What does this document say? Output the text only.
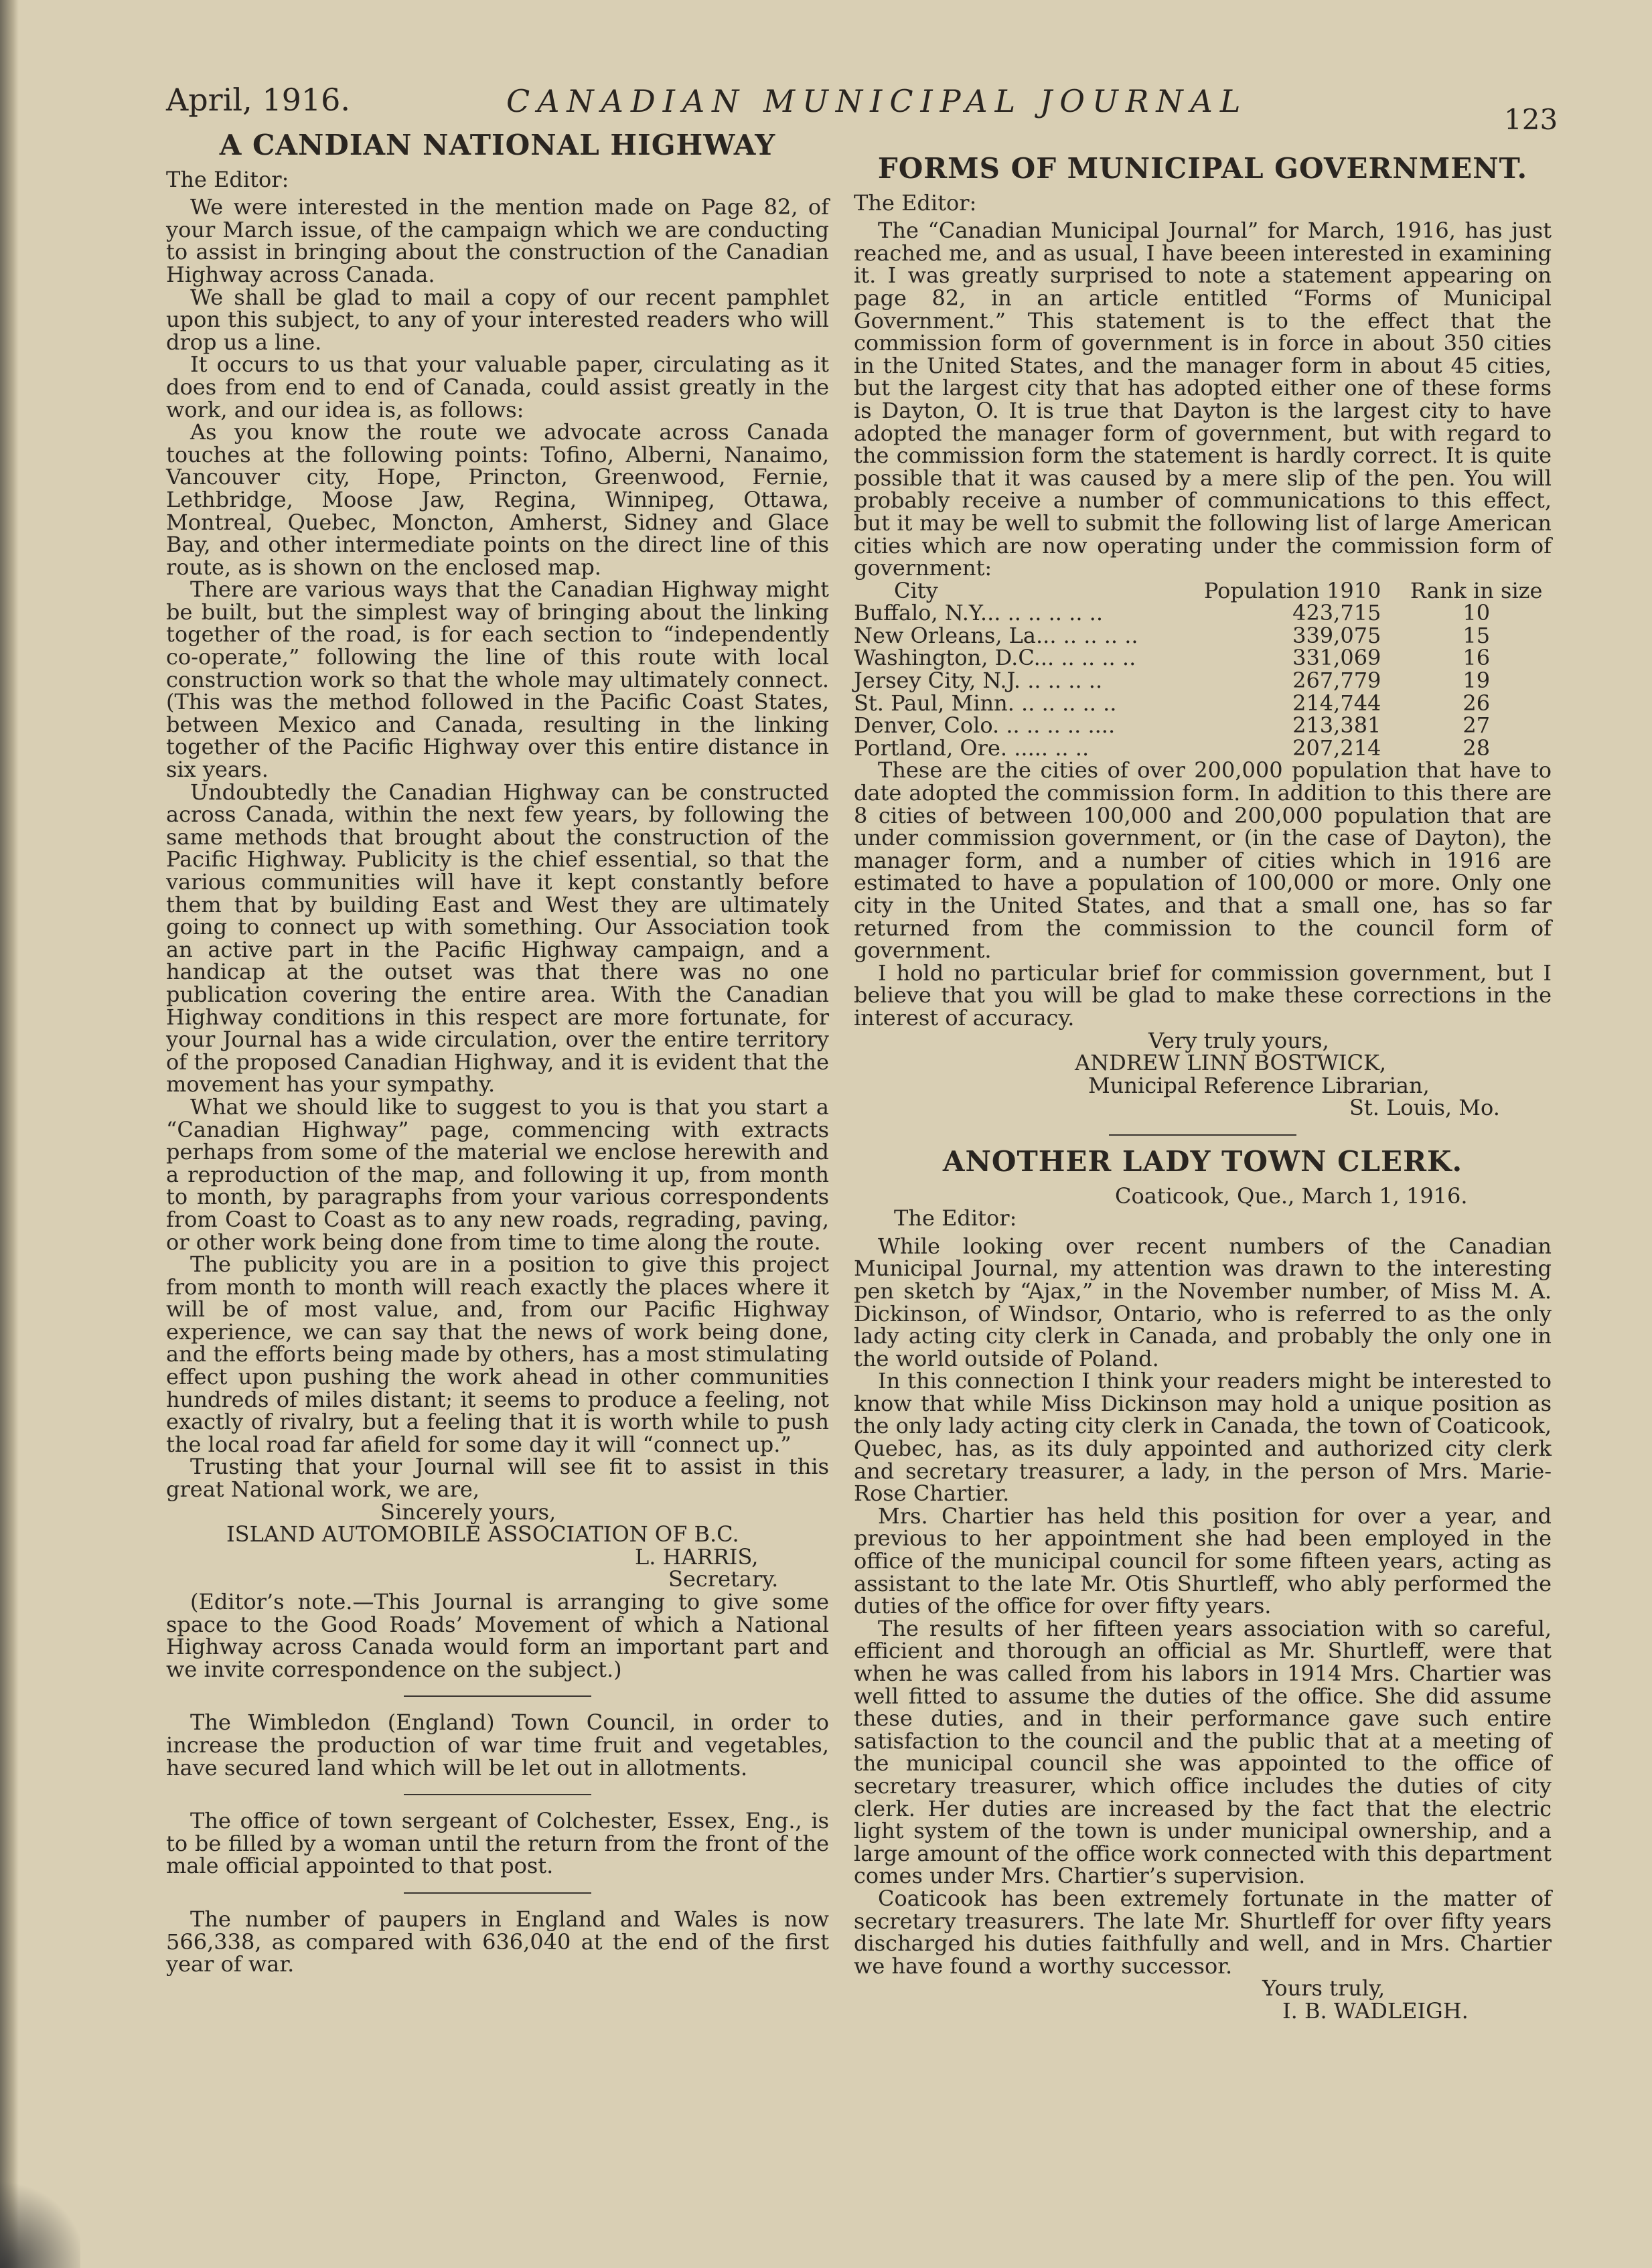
April, 1916.	CANADIAN MUNICIPAL JOURNAL
123
A CANDIAN NATIONAL HIGHWAY

The Editor:

We were interested in the mention made on Page 82, of your March issue, of the campaign which we are conducting to assist in bringing about the construction of the Canadian Highway across Canada.

We shall be glad to mail a copy of our recent pamphlet upon this subject, to any of your interested readers who will drop us a line.

It occurs to us that your valuable paper, circulating as it does from end to end of Canada, could assist greatly in the work, and our idea is, as follows:

As you know the route we advocate across Canada touches at the following points: Tofino, Alberni, Nanaimo, Vancouver city, Hope, Princton, Greenwood, Fernie, Lethbridge, Moose Jaw, Regina, Winnipeg, Ottawa, Montreal, Quebec, Moncton, Amherst, Sidney and Glace Bay, and other intermediate points on the direct line of this route, as is shown on the enclosed map.

There are various ways that the Canadian Highway might be built, but the simplest way of bringing about the linking together of the road, is for each section to “independently co-operate,” following the line of this route with local construction work so that the whole may ultimately connect. (This was the method followed in the Pacific Coast States, between Mexico and Canada, resulting in the linking together of the Pacific Highway over this entire distance in six years.

Undoubtedly the Canadian Highway can be constructed across Canada, within the next few years, by following the same methods that brought about the construction of the Pacific Highway. Publicity is the chief essential, so that the various communities will have it kept constantly before them that by building East and West they are ultimately going to connect up with something. Our Association took an active part in the Pacific Highway campaign, and a handicap at the outset was that there was no one publication covering the entire area. With the Canadian Highway conditions in this respect are more fortunate, for your Journal has a wide circulation, over the entire territory of the proposed Canadian Highway, and it is evident that the movement has your sympathy.

What we should like to suggest to you is that you start a “Canadian Highway” page, commencing with extracts perhaps from some of the material we enclose herewith and a reproduction of the map, and following it up, from month to month, by paragraphs from your various correspondents from Coast to Coast as to any new roads, regrading, paving, or other work being done from time to time along the route.

The publicity you are in a position to give this project from month to month will reach exactly the places where it will be of most value, and, from our Pacific Highway experience, we can say that the news of work being done, and the efforts being made by others, has a most stimulating effect upon pushing the work ahead in other communities hundreds of miles distant; it seems to produce a feeling, not exactly of rivalry, but a feeling that it is worth while to push the local road far afield for some day it will “connect up.”

Trusting that your Journal will see fit to assist in this great National work, we are,

Sincerely yours,

ISLAND AUTOMOBILE ASSOCIATION OF B.C.

L. HARRIS,

Secretary.

(Editor’s note.—This Journal is arranging to give some space to the Good Roads’ Movement of which a National Highway across Canada would form an important part and we invite correspondence on the subject.)

The Wimbledon (England) Town Council, in order to increase the production of war time fruit and vegetables, have secured land which will be let out in allotments.

The office of town sergeant of Colchester, Essex, Eng., is to be filled by a woman until the return from the front of the male official appointed to that post.

The number of paupers in England and Wales is now 566,338, as compared with 636,040 at the end of the first year of war.

FORMS OF MUNICIPAL GOVERNMENT.

The Editor:

The “Canadian Municipal Journal” for March, 1916, has just reached me, and as usual, I have beeen interested in examining it. I was greatly surprised to note a statement appearing on page 82, in an article entitled “Forms of Municipal Government.” This statement is to the effect that the commission form of government is in force in about 350 cities in the United States, and the manager form in about 45 cities, but the largest city that has adopted either one of these forms is Dayton, O. It is true that Dayton is the largest city to have adopted the manager form of government, but with regard to the commission form the statement is hardly correct. It is quite possible that it was caused by a mere slip of the pen. You will probably receive a number of communications to this effect, but it may be well to submit the following list of large American cities which are now operating under the commission form of government:

City	Population 1910	Rank in size
Buffalo, N.Y... .. .. .. .. ..	423,715	10
New Orleans, La... .. .. .. ..	339,075	15
Washington, D.C... .. .. .. ..	331,069	16
Jersey City, N.J. .. .. .. ..	267,779	19
St. Paul, Minn. .. .. .. .. ..	214,744	26
Denver, Colo. .. .. .. .. ....	213,381	27
Portland, Ore. ..... .. ..	207,214	28

These are the cities of over 200,000 population that have to date adopted the commission form. In addition to this there are 8 cities of between 100,000 and 200,000 population that are under commission government, or (in the case of Dayton), the manager form, and a number of cities which in 1916 are estimated to have a population of 100,000 or more. Only one city in the United States, and that a small one, has so far returned from the commission to the council form of government.

I hold no particular brief for commission government, but I believe that you will be glad to make these corrections in the interest of accuracy.

Very truly yours,

ANDREW LINN BOSTWICK,

Municipal Reference Librarian,

St. Louis, Mo.

ANOTHER LADY TOWN CLERK.

Coaticook, Que., March 1, 1916.

The Editor:

While looking over recent numbers of the Canadian Municipal Journal, my attention was drawn to the interesting pen sketch by “Ajax,” in the November number, of Miss M. A. Dickinson, of Windsor, Ontario, who is referred to as the only lady acting city clerk in Canada, and probably the only one in the world outside of Poland.

In this connection I think your readers might be interested to know that while Miss Dickinson may hold a unique position as the only lady acting city clerk in Canada, the town of Coaticook, Quebec, has, as its duly appointed and authorized city clerk and secretary treasurer, a lady, in the person of Mrs. Marie-Rose Chartier.

Mrs. Chartier has held this position for over a year, and previous to her appointment she had been employed in the office of the municipal council for some fifteen years, acting as assistant to the late Mr. Otis Shurtleff, who ably performed the duties of the office for over fifty years.

The results of her fifteen years association with so careful, efficient and thorough an official as Mr. Shurtleff, were that when he was called from his labors in 1914 Mrs. Chartier was well fitted to assume the duties of the office. She did assume these duties, and in their performance gave such entire satisfaction to the council and the public that at a meeting of the municipal council she was appointed to the office of secretary treasurer, which office includes the duties of city clerk. Her duties are increased by the fact that the electric light system of the town is under municipal ownership, and a large amount of the office work connected with this department comes under Mrs. Chartier’s supervision.

Coaticook has been extremely fortunate in the matter of secretary treasurers. The late Mr. Shurtleff for over fifty years discharged his duties faithfully and well, and in Mrs. Chartier we have found a worthy successor.

Yours truly,

I. B. WADLEIGH.
